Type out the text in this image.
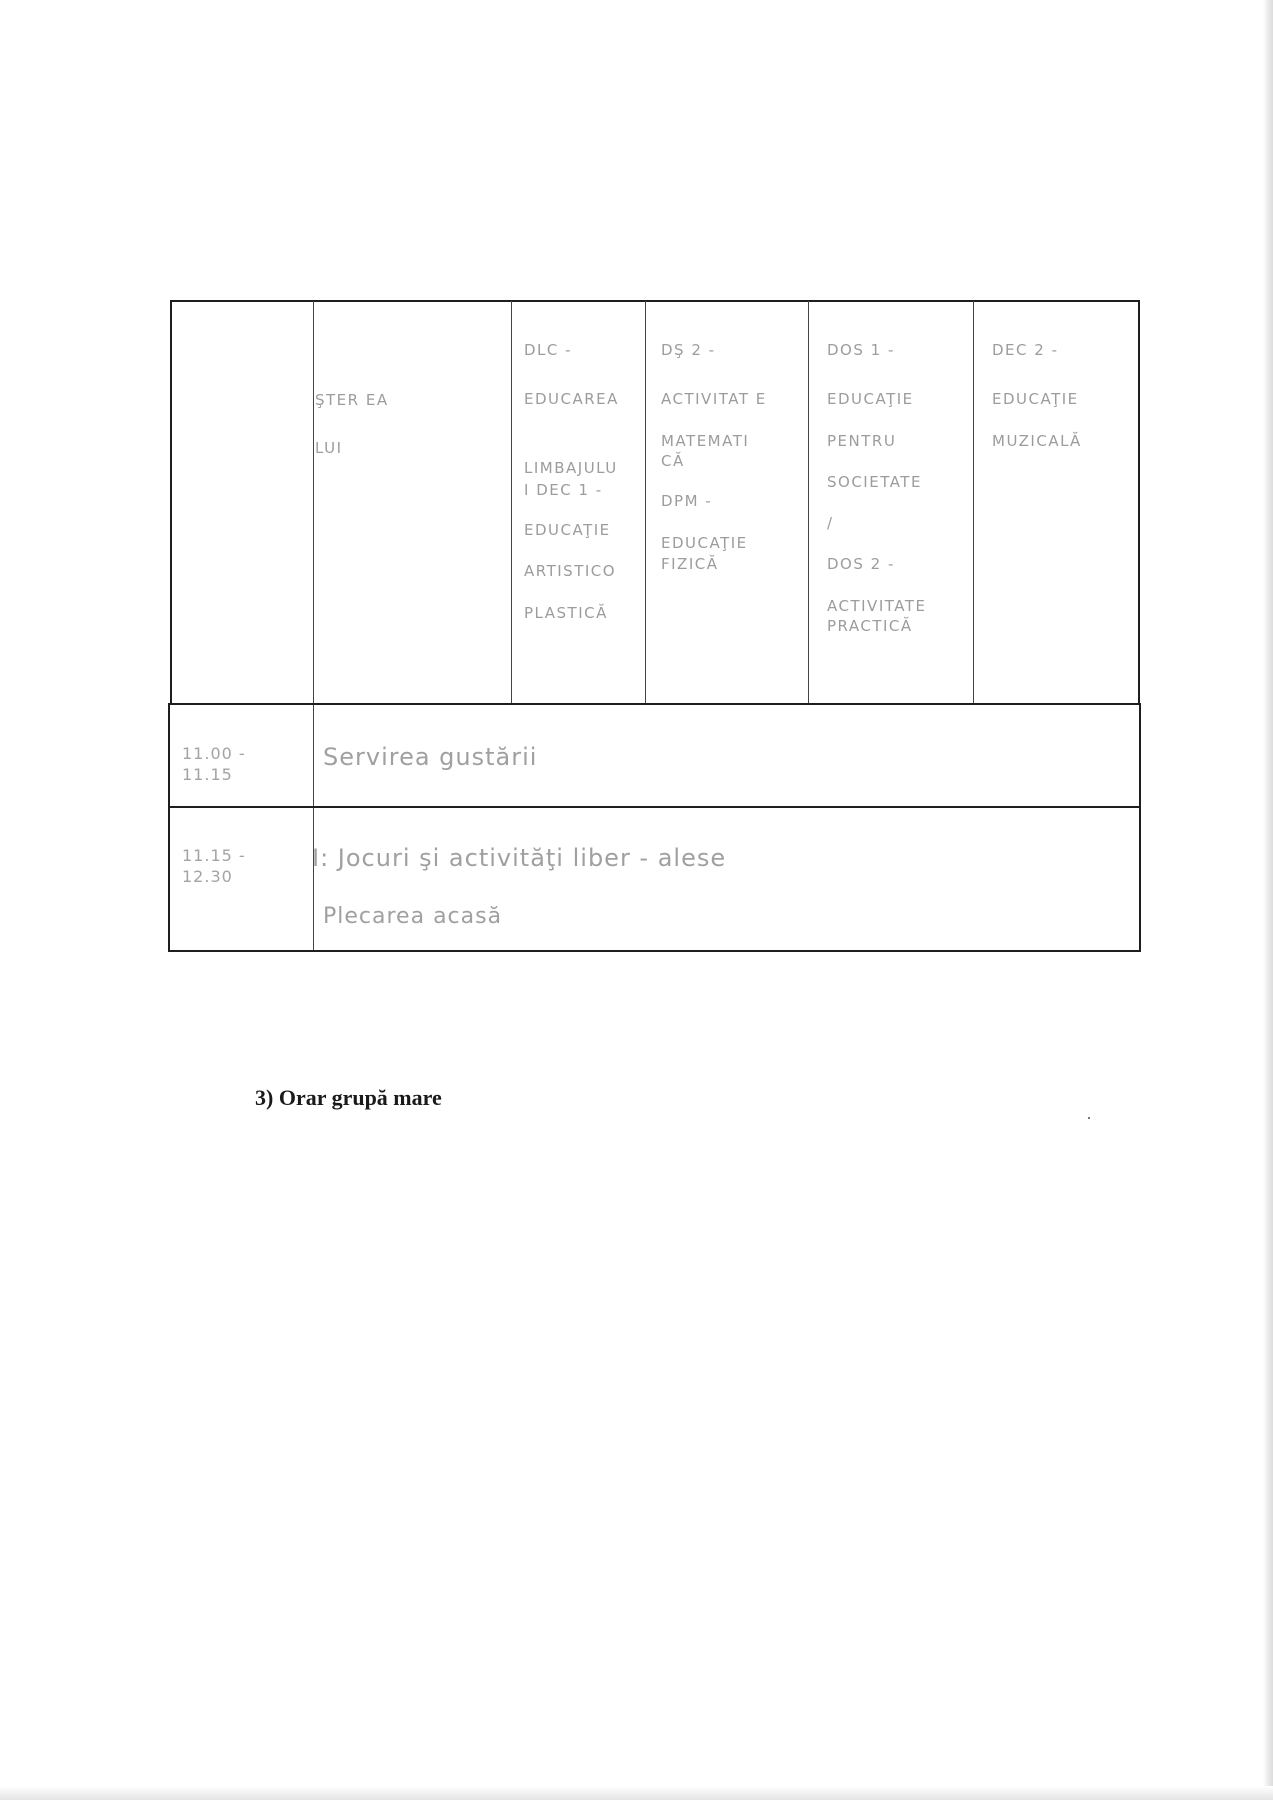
ŞTER EA

LUI

DLC -

EDUCAREA

LIMBAJULU

I DEC 1 -

EDUCAŢIE

ARTISTICO

PLASTICĂ

DŞ 2 -

ACTIVITAT E

MATEMATI

CĂ

DPM -

EDUCAŢIE

FIZICĂ

DOS 1 -

EDUCAŢIE

PENTRU

SOCIETATE

/

DOS 2 -

ACTIVITATE

PRACTICĂ

DEC 2 -

EDUCAŢIE

MUZICALĂ

11.00 -
11.15
Servirea gustării
11.15 -
12.30
I: Jocuri şi activităţi liber - alese
Plecarea acasă
3) Orar grupă mare
